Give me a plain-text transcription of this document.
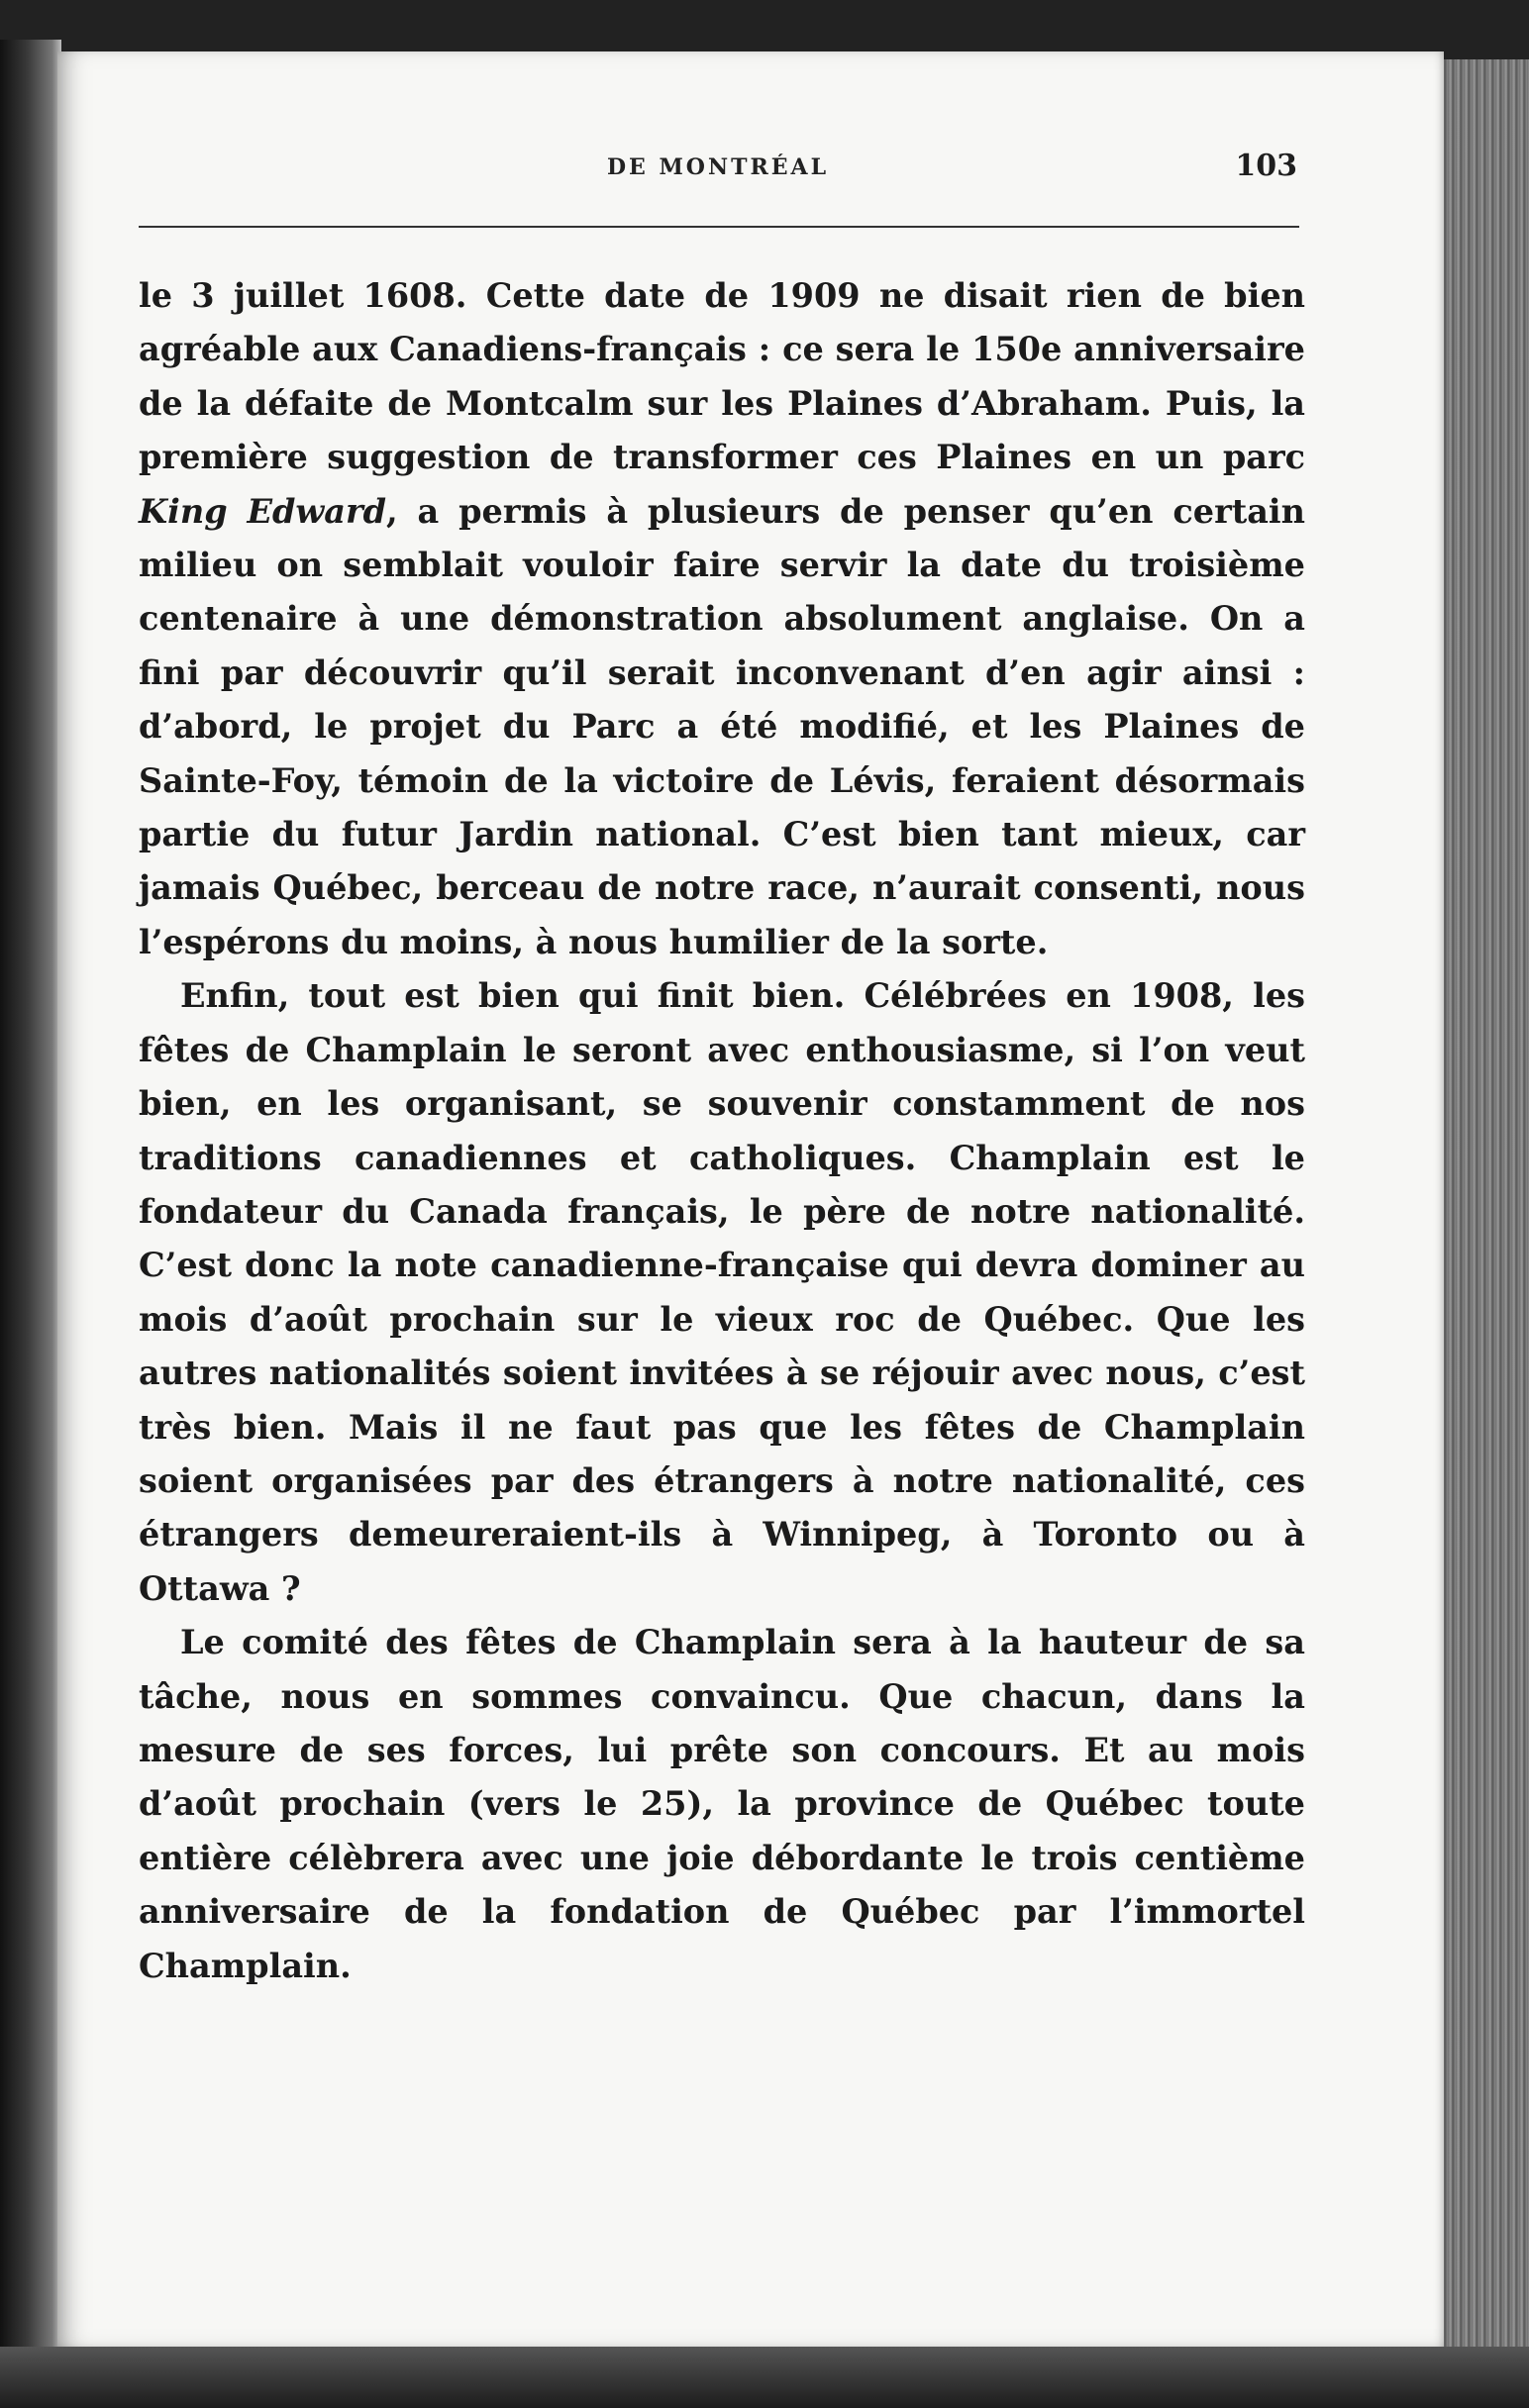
DE MONTRÉAL	103

le 3 juillet 1608. Cette date de 1909 ne disait rien de bien agréable aux Canadiens-français : ce sera le 150e anniversaire de la défaite de Montcalm sur les Plaines d’Abraham. Puis, la première suggestion de transformer ces Plaines en un parc King Edward, a permis à plusieurs de penser qu’en certain milieu on semblait vouloir faire servir la date du troisième centenaire à une démonstration absolument anglaise. On a fini par découvrir qu’il serait inconvenant d’en agir ainsi : d’abord, le projet du Parc a été modifié, et les Plaines de Sainte-Foy, témoin de la victoire de Lévis, feraient désormais partie du futur Jardin national. C’est bien tant mieux, car jamais Québec, berceau de notre race, n’aurait consenti, nous l’espérons du moins, à nous humilier de la sorte.

Enfin, tout est bien qui finit bien. Célébrées en 1908, les fêtes de Champlain le seront avec enthousiasme, si l’on veut bien, en les organisant, se souvenir constamment de nos traditions canadiennes et catholiques. Champlain est le fondateur du Canada français, le père de notre nationalité. C’est donc la note canadienne-française qui devra dominer au mois d’août prochain sur le vieux roc de Québec. Que les autres nationalités soient invitées à se réjouir avec nous, c’est très bien. Mais il ne faut pas que les fêtes de Champlain soient organisées par des étrangers à notre nationalité, ces étrangers demeureraient-ils à Winnipeg, à Toronto ou à Ottawa ?

Le comité des fêtes de Champlain sera à la hauteur de sa tâche, nous en sommes convaincu. Que chacun, dans la mesure de ses forces, lui prête son concours. Et au mois d’août prochain (vers le 25), la province de Québec toute entière célèbrera avec une joie débordante le trois centième anniversaire de la fondation de Québec par l’immortel Champlain.
